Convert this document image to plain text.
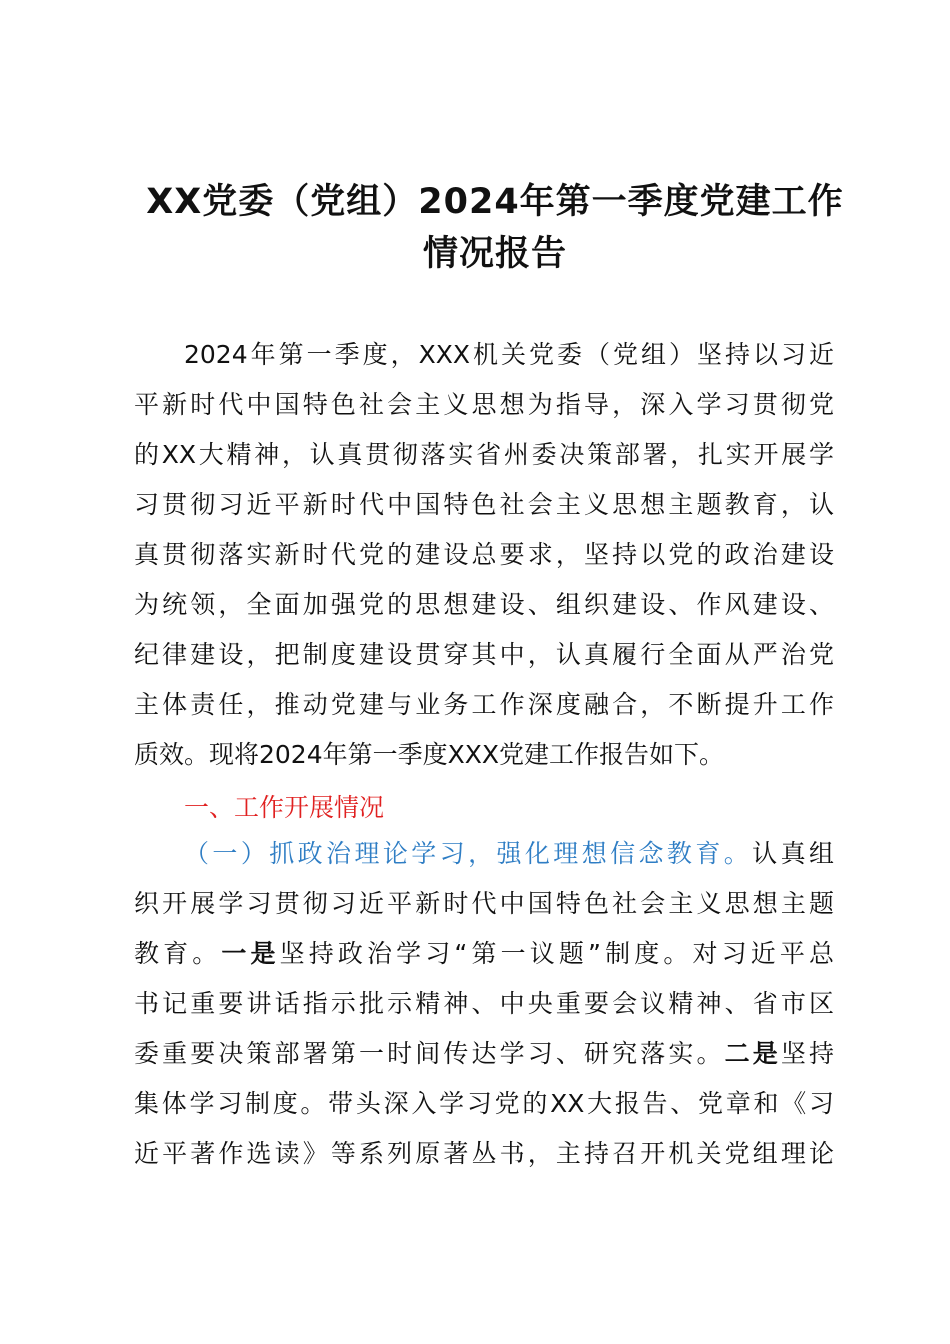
XX党委（党组）2024年第一季度党建工作
情况报告
2024年第一季度，XXX机关党委（党组）坚持以习近
平新时代中国特色社会主义思想为指导，深入学习贯彻党
的XX大精神，认真贯彻落实省州委决策部署，扎实开展学
习贯彻习近平新时代中国特色社会主义思想主题教育，认
真贯彻落实新时代党的建设总要求，坚持以党的政治建设
为统领，全面加强党的思想建设、组织建设、作风建设、
纪律建设，把制度建设贯穿其中，认真履行全面从严治党
主体责任，推动党建与业务工作深度融合，不断提升工作
质效。现将2024年第一季度XXX党建工作报告如下。
一、工作开展情况
（一）抓政治理论学习，强化理想信念教育。认真组
织开展学习贯彻习近平新时代中国特色社会主义思想主题
教育。一是坚持政治学习“第一议题”制度。对习近平总
书记重要讲话指示批示精神、中央重要会议精神、省市区
委重要决策部署第一时间传达学习、研究落实。二是坚持
集体学习制度。带头深入学习党的XX大报告、党章和《习
近平著作选读》等系列原著丛书，主持召开机关党组理论
